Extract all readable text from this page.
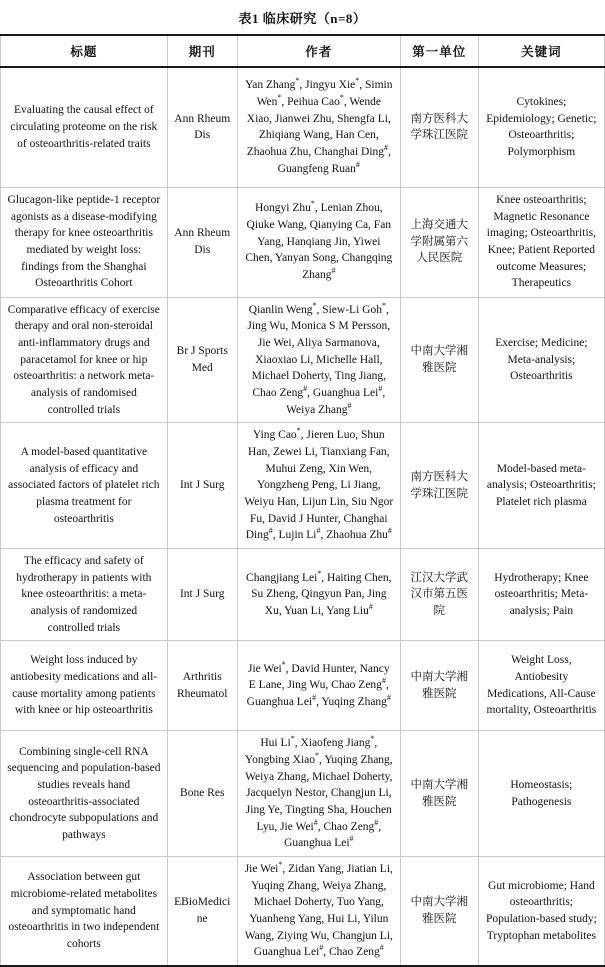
表1 临床研究（n=8）
标题	期刊	作者	第一单位	关键词
Evaluating the causal effect of circulating proteome on the risk of osteoarthritis-related traits	Ann Rheum Dis	Yan Zhang*, Jingyu Xie*, Simin Wen*, Peihua Cao*, Wende Xiao, Jianwei Zhu, Shengfa Li, Zhiqiang Wang, Han Cen, Zhaohua Zhu, Changhai Ding#, Guangfeng Ruan#	南方医科大学珠江医院	Cytokines; Epidemiology; Genetic; Osteoarthritis; Polymorphism
Glucagon-like peptide-1 receptor agonists as a disease-modifying therapy for knee osteoarthritis mediated by weight loss: findings from the Shanghai Osteoarthritis Cohort	Ann Rheum Dis	Hongyi Zhu*, Lenian Zhou, Qiuke Wang, Qianying Ca, Fan Yang, Hanqiang Jin, Yiwei Chen, Yanyan Song, Changqing Zhang#	上海交通大学附属第六人民医院	Knee osteoarthritis; Magnetic Resonance imaging; Osteoarthritis, Knee; Patient Reported outcome Measures; Therapeutics
Comparative efficacy of exercise therapy and oral non-steroidal anti-inflammatory drugs and paracetamol for knee or hip osteoarthritis: a network meta-analysis of randomised controlled trials	Br J Sports Med	Qianlin Weng*, Siew-Li Goh*, Jing Wu, Monica S M Persson, Jie Wei, Aliya Sarmanova, Xiaoxiao Li, Michelle Hall, Michael Doherty, Ting Jiang, Chao Zeng#, Guanghua Lei#, Weiya Zhang#	中南大学湘雅医院	Exercise; Medicine; Meta-analysis; Osteoarthritis
A model-based quantitative analysis of efficacy and associated factors of platelet rich plasma treatment for osteoarthritis	Int J Surg	Ying Cao*, Jieren Luo, Shun Han, Zewei Li, Tianxiang Fan, Muhui Zeng, Xin Wen, Yongzheng Peng, Li Jiang, Weiyu Han, Lijun Lin, Siu Ngor Fu, David J Hunter, Changhai Ding#, Lujin Li#, Zhaohua Zhu#	南方医科大学珠江医院	Model-based meta-analysis; Osteoarthritis; Platelet rich plasma
The efficacy and safety of hydrotherapy in patients with knee osteoarthritis: a meta-analysis of randomized controlled trials	Int J Surg	Changjiang Lei*, Haiting Chen, Su Zheng, Qingyun Pan, Jing Xu, Yuan Li, Yang Liu#	江汉大学武汉市第五医院	Hydrotherapy; Knee osteoarthritis; Meta-analysis; Pain
Weight loss induced by antiobesity medications and all-cause mortality among patients with knee or hip osteoarthritis	Arthritis Rheumatol	Jie Wei*, David Hunter, Nancy E Lane, Jing Wu, Chao Zeng#, Guanghua Lei#, Yuqing Zhang#	中南大学湘雅医院	Weight Loss, Antiobesity Medications, All-Cause mortality, Osteoarthritis
Combining single-cell RNA sequencing and population-based studies reveals hand osteoarthritis-associated chondrocyte subpopulations and pathways	Bone Res	Hui Li*, Xiaofeng Jiang*, Yongbing Xiao*, Yuqing Zhang, Weiya Zhang, Michael Doherty, Jacquelyn Nestor, Changjun Li, Jing Ye, Tingting Sha, Houchen Lyu, Jie Wei#, Chao Zeng#, Guanghua Lei#	中南大学湘雅医院	Homeostasis; Pathogenesis
Association between gut microbiome-related metabolites and symptomatic hand osteoarthritis in two independent cohorts	EBioMedicine	Jie Wei*, Zidan Yang, Jiatian Li, Yuqing Zhang, Weiya Zhang, Michael Doherty, Tuo Yang, Yuanheng Yang, Hui Li, Yilun Wang, Ziying Wu, Changjun Li, Guanghua Lei#, Chao Zeng#	中南大学湘雅医院	Gut microbiome; Hand osteoarthritis; Population-based study; Tryptophan metabolites
